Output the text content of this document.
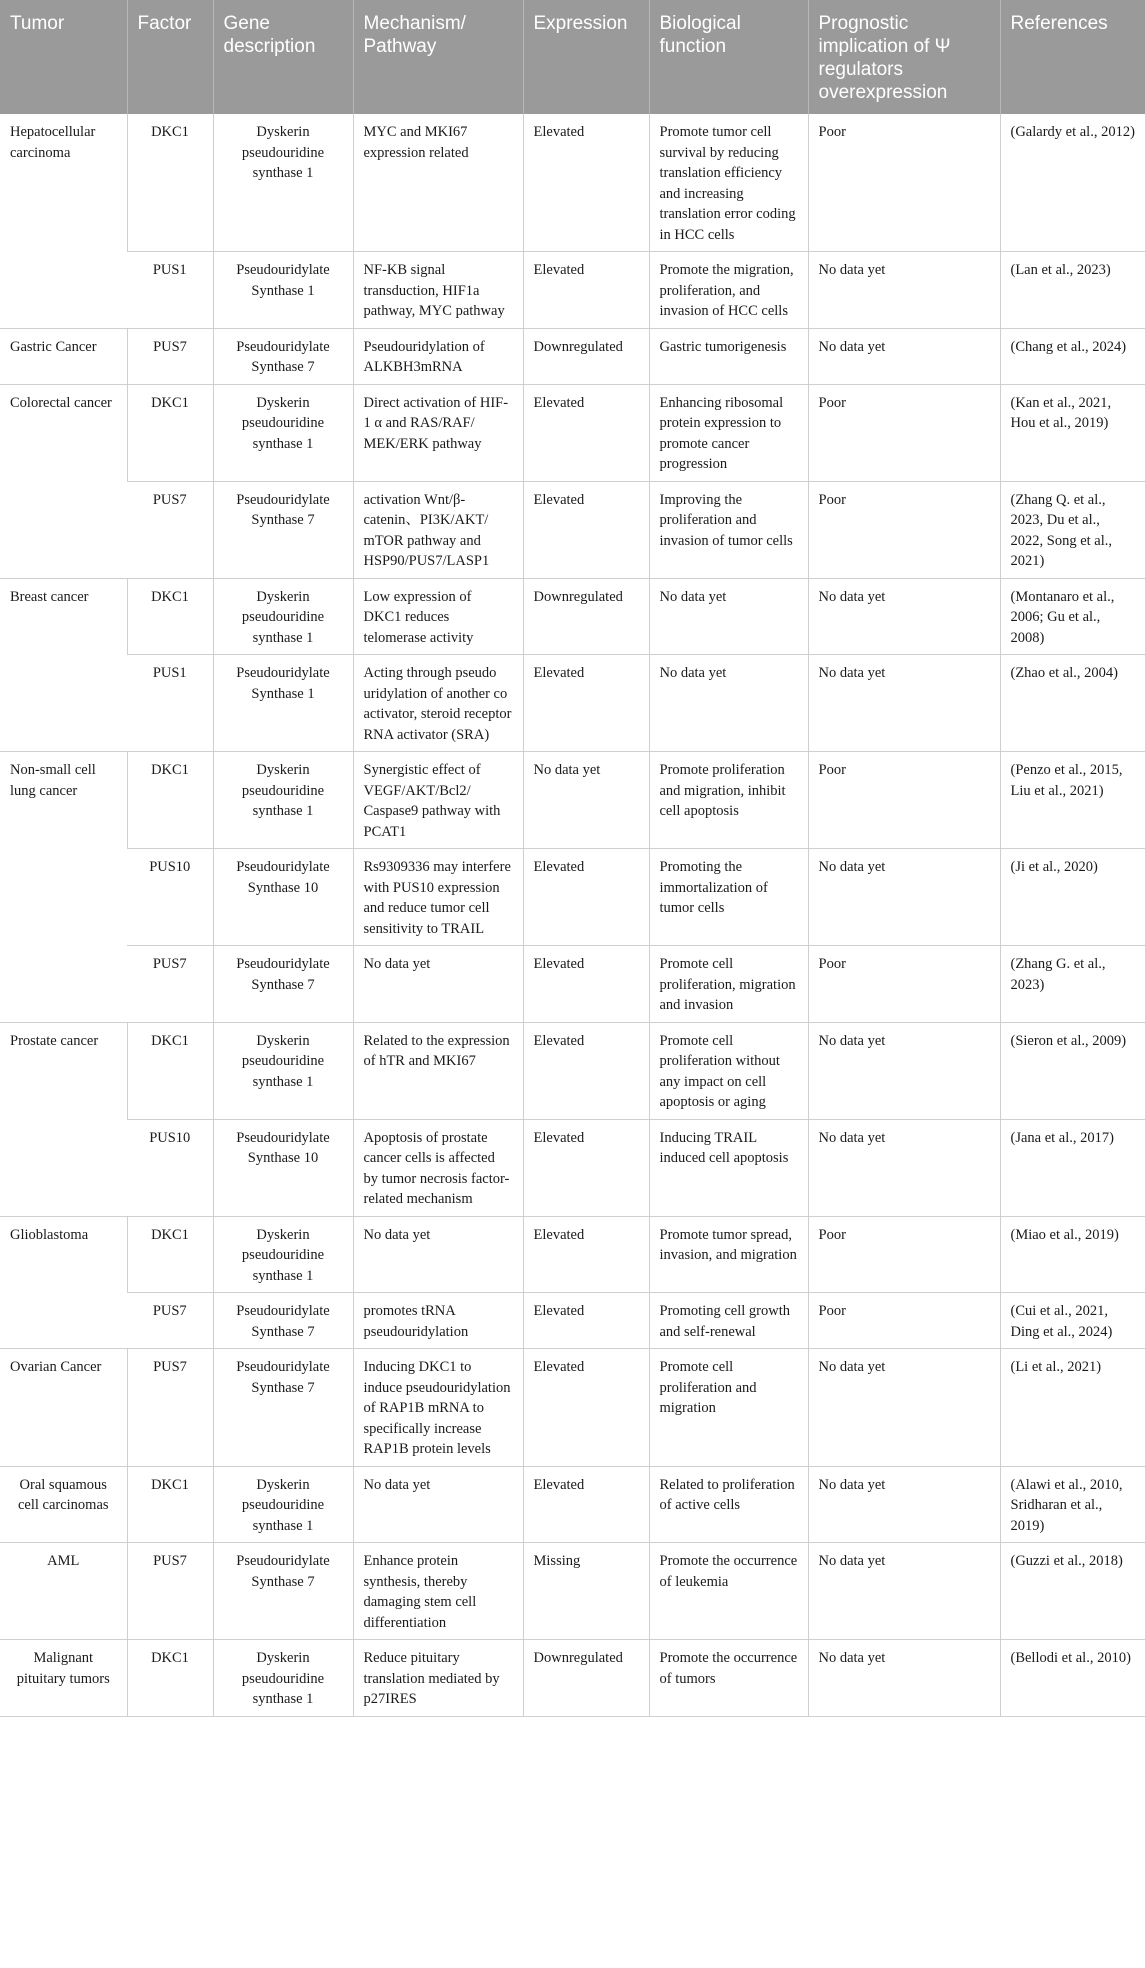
Tumor	Factor	Gene description	Mechanism/ Pathway	Expression	Biological function	Prognostic implication of Ψ regulators overexpression	References
Hepatocellular carcinoma	DKC1	Dyskerin pseudouridine synthase 1	MYC and MKI67 expression related	Elevated	Promote tumor cell survival by reducing translation efficiency and increasing translation error coding in HCC cells	Poor	(Galardy et al., 2012)
	PUS1	Pseudouridylate Synthase 1	NF-KB signal transduction, HIF1a pathway, MYC pathway	Elevated	Promote the migration, proliferation, and invasion of HCC cells	No data yet	(Lan et al., 2023)
Gastric Cancer	PUS7	Pseudouridylate Synthase 7	Pseudouridylation of ALKBH3mRNA	Downregulated	Gastric tumorigenesis	No data yet	(Chang et al., 2024)
Colorectal cancer	DKC1	Dyskerin pseudouridine synthase 1	Direct activation of HIF-1 α and RAS/RAF/ MEK/ERK pathway	Elevated	Enhancing ribosomal protein expression to promote cancer progression	Poor	(Kan et al., 2021, Hou et al., 2019)
	PUS7	Pseudouridylate Synthase 7	activation Wnt/β-catenin、PI3K/AKT/ mTOR pathway and HSP90/PUS7/LASP1	Elevated	Improving the proliferation and invasion of tumor cells	Poor	(Zhang Q. et al., 2023, Du et al., 2022, Song et al., 2021)
Breast cancer	DKC1	Dyskerin pseudouridine synthase 1	Low expression of DKC1 reduces telomerase activity	Downregulated	No data yet	No data yet	(Montanaro et al., 2006; Gu et al., 2008)
	PUS1	Pseudouridylate Synthase 1	Acting through pseudo uridylation of another co activator, steroid receptor RNA activator (SRA)	Elevated	No data yet	No data yet	(Zhao et al., 2004)
Non-small cell lung cancer	DKC1	Dyskerin pseudouridine synthase 1	Synergistic effect of VEGF/AKT/Bcl2/ Caspase9 pathway with PCAT1	No data yet	Promote proliferation and migration, inhibit cell apoptosis	Poor	(Penzo et al., 2015, Liu et al., 2021)
	PUS10	Pseudouridylate Synthase 10	Rs9309336 may interfere with PUS10 expression and reduce tumor cell sensitivity to TRAIL	Elevated	Promoting the immortalization of tumor cells	No data yet	(Ji et al., 2020)
	PUS7	Pseudouridylate Synthase 7	No data yet	Elevated	Promote cell proliferation, migration and invasion	Poor	(Zhang G. et al., 2023)
Prostate cancer	DKC1	Dyskerin pseudouridine synthase 1	Related to the expression of hTR and MKI67	Elevated	Promote cell proliferation without any impact on cell apoptosis or aging	No data yet	(Sieron et al., 2009)
	PUS10	Pseudouridylate Synthase 10	Apoptosis of prostate cancer cells is affected by tumor necrosis factor-related mechanism	Elevated	Inducing TRAIL induced cell apoptosis	No data yet	(Jana et al., 2017)
Glioblastoma	DKC1	Dyskerin pseudouridine synthase 1	No data yet	Elevated	Promote tumor spread, invasion, and migration	Poor	(Miao et al., 2019)
	PUS7	Pseudouridylate Synthase 7	promotes tRNA pseudouridylation	Elevated	Promoting cell growth and self-renewal	Poor	(Cui et al., 2021, Ding et al., 2024)
Ovarian Cancer	PUS7	Pseudouridylate Synthase 7	Inducing DKC1 to induce pseudouridylation of RAP1B mRNA to specifically increase RAP1B protein levels	Elevated	Promote cell proliferation and migration	No data yet	(Li et al., 2021)
Oral squamous cell carcinomas	DKC1	Dyskerin pseudouridine synthase 1	No data yet	Elevated	Related to proliferation of active cells	No data yet	(Alawi et al., 2010, Sridharan et al., 2019)
AML	PUS7	Pseudouridylate Synthase 7	Enhance protein synthesis, thereby damaging stem cell differentiation	Missing	Promote the occurrence of leukemia	No data yet	(Guzzi et al., 2018)
Malignant pituitary tumors	DKC1	Dyskerin pseudouridine synthase 1	Reduce pituitary translation mediated by p27IRES	Downregulated	Promote the occurrence of tumors	No data yet	(Bellodi et al., 2010)
